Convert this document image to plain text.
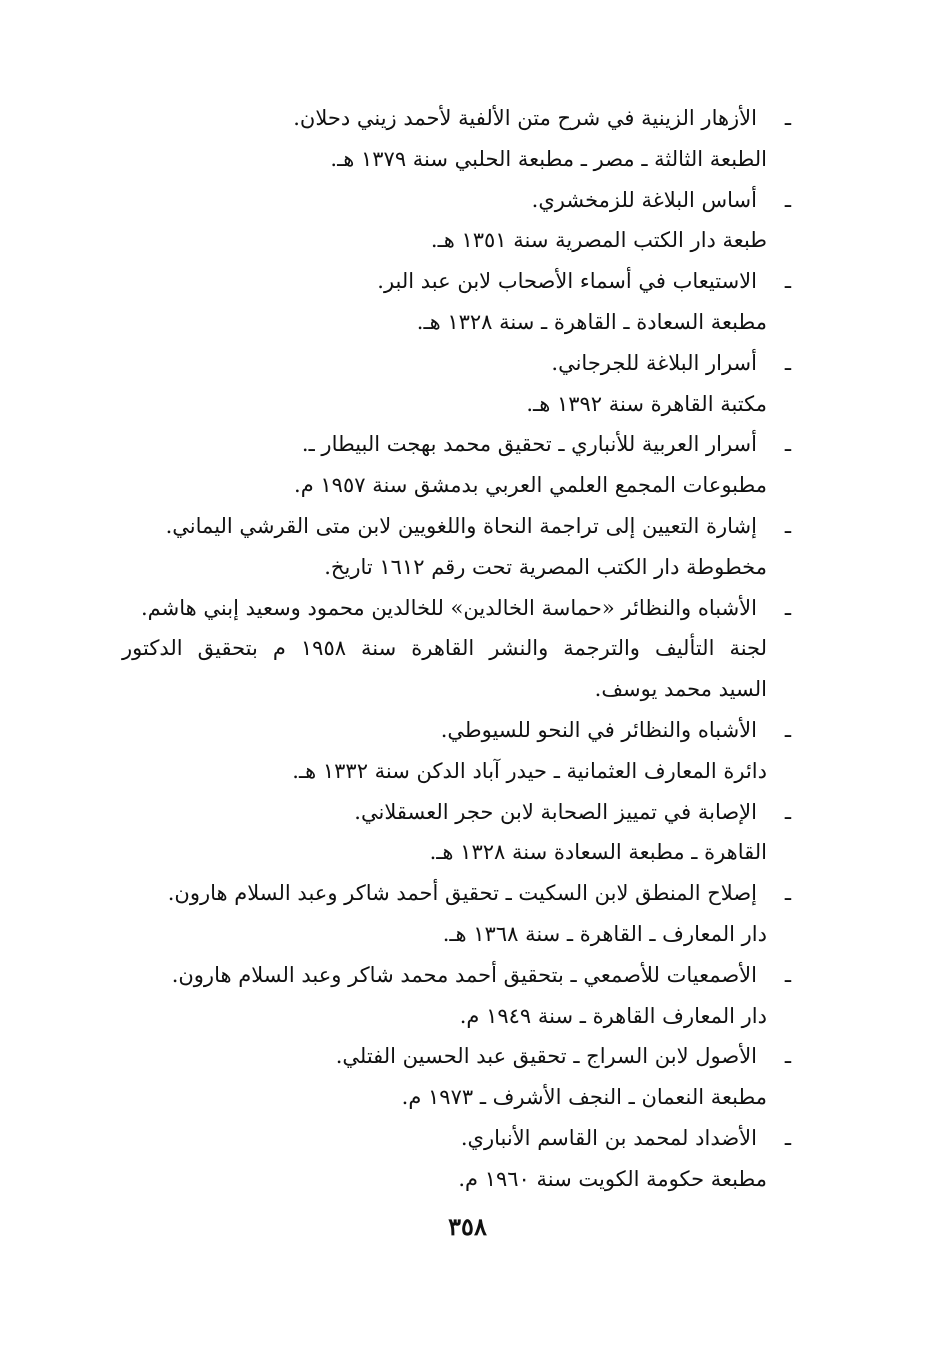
ـ
الأزهار الزينية في شرح متن الألفية لأحمد زيني دحلان.
الطبعة الثالثة ـ مصر ـ مطبعة الحلبي سنة ١٣٧٩ هـ.
ـ
أساس البلاغة للزمخشري.
طبعة دار الكتب المصرية سنة ١٣٥١ هـ.
ـ
الاستيعاب في أسماء الأصحاب لابن عبد البر.
مطبعة السعادة ـ القاهرة ـ سنة ١٣٢٨ هـ.
ـ
أسرار البلاغة للجرجاني.
مكتبة القاهرة سنة ١٣٩٢ هـ.
ـ
أسرار العربية للأنباري ـ تحقيق محمد بهجت البيطار ـ.
مطبوعات المجمع العلمي العربي بدمشق سنة ١٩٥٧ م.
ـ
إشارة التعيين إلى تراجمة النحاة واللغويين لابن متى القرشي اليماني.
مخطوطة دار الكتب المصرية تحت رقم ١٦١٢ تاريخ.
ـ
الأشباه والنظائر «حماسة الخالدين» للخالدين محمود وسعيد إبني هاشم.
لجنة التأليف والترجمة والنشر القاهرة سنة ١٩٥٨ م بتحقيق الدكتور
السيد محمد يوسف.
ـ
الأشباه والنظائر في النحو للسيوطي.
دائرة المعارف العثمانية ـ حيدر آباد الدكن سنة ١٣٣٢ هـ.
ـ
الإصابة في تمييز الصحابة لابن حجر العسقلاني.
القاهرة ـ مطبعة السعادة سنة ١٣٢٨ هـ.
ـ
إصلاح المنطق لابن السكيت ـ تحقيق أحمد شاكر وعبد السلام هارون.
دار المعارف ـ القاهرة ـ سنة ١٣٦٨ هـ.
ـ
الأصمعيات للأصمعي ـ بتحقيق أحمد محمد شاكر وعبد السلام هارون.
دار المعارف القاهرة ـ سنة ١٩٤٩ م.
ـ
الأصول لابن السراج ـ تحقيق عبد الحسين الفتلي.
مطبعة النعمان ـ النجف الأشرف ـ ١٩٧٣ م.
ـ
الأضداد لمحمد بن القاسم الأنباري.
مطبعة حكومة الكويت سنة ١٩٦٠ م.
٣٥٨
